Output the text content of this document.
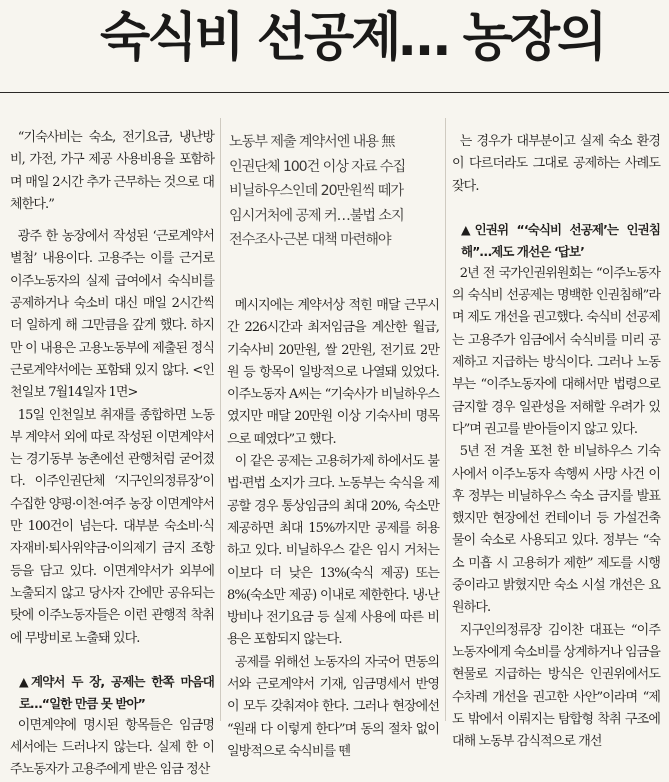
숙식비 선공제… 농장의
노동부 제출 계약서엔 내용 無
인권단체 100건 이상 자료 수집
비닐하우스인데 20만원씩 떼가
임시거처에 공제 커…불법 소지
전수조사·근본 대책 마련해야

“기숙사비는 숙소, 전기요금, 냉난방비, 가전, 가구 제공 사용비용을 포함하며 매일 2시간 추가 근무하는 것으로 대체한다.”

광주 한 농장에서 작성된 ‘근로계약서 별첨’ 내용이다. 고용주는 이를 근거로 이주노동자의 실제 급여에서 숙식비를 공제하거나 숙소비 대신 매일 2시간씩 더 일하게 해 그만큼을 갚게 했다. 하지만 이 내용은 고용노동부에 제출된 정식 근로계약서에는 포함돼 있지 않다. <인천일보 7월14일자 1면>

15일 인천일보 취재를 종합하면 노동부 계약서 외에 따로 작성된 이면계약서는 경기동부 농촌에선 관행처럼 굳어졌다. 이주인권단체 ‘지구인의정류장’이 수집한 양평·이천·여주 농장 이면계약서만 100건이 넘는다. 대부분 숙소비·식자재비·퇴사위약금·이의제기 금지 조항 등을 담고 있다. 이면계약서가 외부에 노출되지 않고 당사자 간에만 공유되는 탓에 이주노동자들은 이런 관행적 착취에 무방비로 노출돼 있다.

▲계약서 두 장, 공제는 한쪽 마음대로…“일한 만큼 못 받아”

이면계약에 명시된 항목들은 임금명세서에는 드러나지 않는다. 실제 한 이주노동자가 고용주에게 받은 임금 정산

메시지에는 계약서상 적힌 매달 근무시간 226시간과 최저임금을 계산한 월급, 기숙사비 20만원, 쌀 2만원, 전기료 2만원 등 항목이 일방적으로 나열돼 있었다. 이주노동자 A씨는 “기숙사가 비닐하우스였지만 매달 20만원 이상 기숙사비 명목으로 떼였다”고 했다.

이 같은 공제는 고용허가제 하에서도 불법·편법 소지가 크다. 노동부는 숙식을 제공할 경우 통상임금의 최대 20%, 숙소만 제공하면 최대 15%까지만 공제를 허용하고 있다. 비닐하우스 같은 임시 거처는 이보다 더 낮은 13%(숙식 제공) 또는 8%(숙소만 제공) 이내로 제한한다. 냉·난방비나 전기요금 등 실제 사용에 따른 비용은 포함되지 않는다.

공제를 위해선 노동자의 자국어 면동의서와 근로계약서 기재, 임금명세서 반영이 모두 갖춰져야 한다. 그러나 현장에선 “원래 다 이렇게 한다”며 동의 절차 없이 일방적으로 숙식비를 뗀

는 경우가 대부분이고 실제 숙소 환경이 다르더라도 그대로 공제하는 사례도 잦다.

▲인권위 “‘숙식비 선공제’는 인권침해”…제도 개선은 ‘답보’

2년 전 국가인권위원회는 “이주노동자의 숙식비 선공제는 명백한 인권침해”라며 제도 개선을 권고했다. 숙식비 선공제는 고용주가 임금에서 숙식비를 미리 공제하고 지급하는 방식이다. 그러나 노동부는 “이주노동자에 대해서만 법령으로 금지할 경우 일관성을 저해할 우려가 있다”며 권고를 받아들이지 않고 있다.

5년 전 겨울 포천 한 비닐하우스 기숙사에서 이주노동자 속헹씨 사망 사건 이후 정부는 비닐하우스 숙소 금지를 발표했지만 현장에선 컨테이너 등 가설건축물이 숙소로 사용되고 있다. 정부는 “숙소 미흡 시 고용허가 제한” 제도를 시행 중이라고 밝혔지만 숙소 시설 개선은 요원하다.

지구인의정류장 김이찬 대표는 “이주노동자에게 숙소비를 상계하거나 임금을 현물로 지급하는 방식은 인권위에서도 수차례 개선을 권고한 사안”이라며 “제도 밖에서 이뤄지는 탐합형 착취 구조에 대해 노동부 감식적으로 개선
